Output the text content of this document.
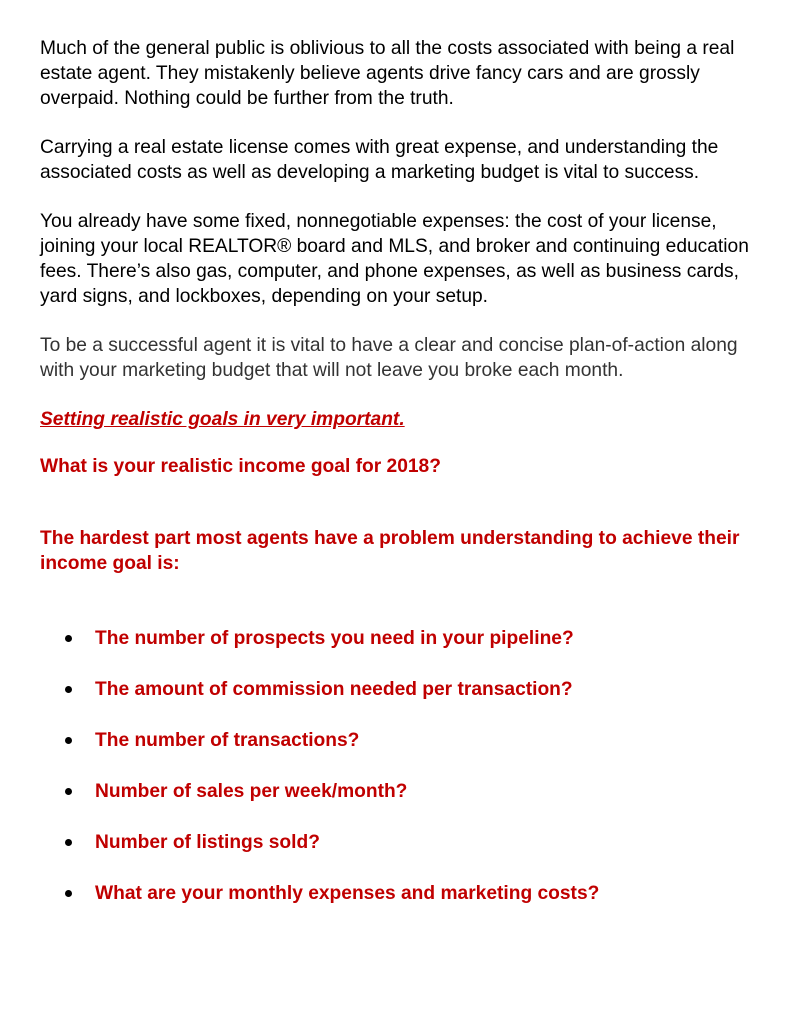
Much of the general public is oblivious to all the costs associated with being a real estate agent. They mistakenly believe agents drive fancy cars and are grossly overpaid. Nothing could be further from the truth.

Carrying a real estate license comes with great expense, and understanding the associated costs as well as developing a marketing budget is vital to success.

You already have some fixed, nonnegotiable expenses: the cost of your license, joining your local REALTOR® board and MLS, and broker and continuing education fees. There’s also gas, computer, and phone expenses, as well as business cards, yard signs, and lockboxes, depending on your setup.

To be a successful agent it is vital to have a clear and concise plan-of-action along with your marketing budget that will not leave you broke each month.

Setting realistic goals in very important.

What is your realistic income goal for 2018?

The hardest part most agents have a problem understanding to achieve their income goal is:

The number of prospects you need in your pipeline?
The amount of commission needed per transaction?
The number of transactions?
Number of sales per week/month?
Number of listings sold?
What are your monthly expenses and marketing costs?
